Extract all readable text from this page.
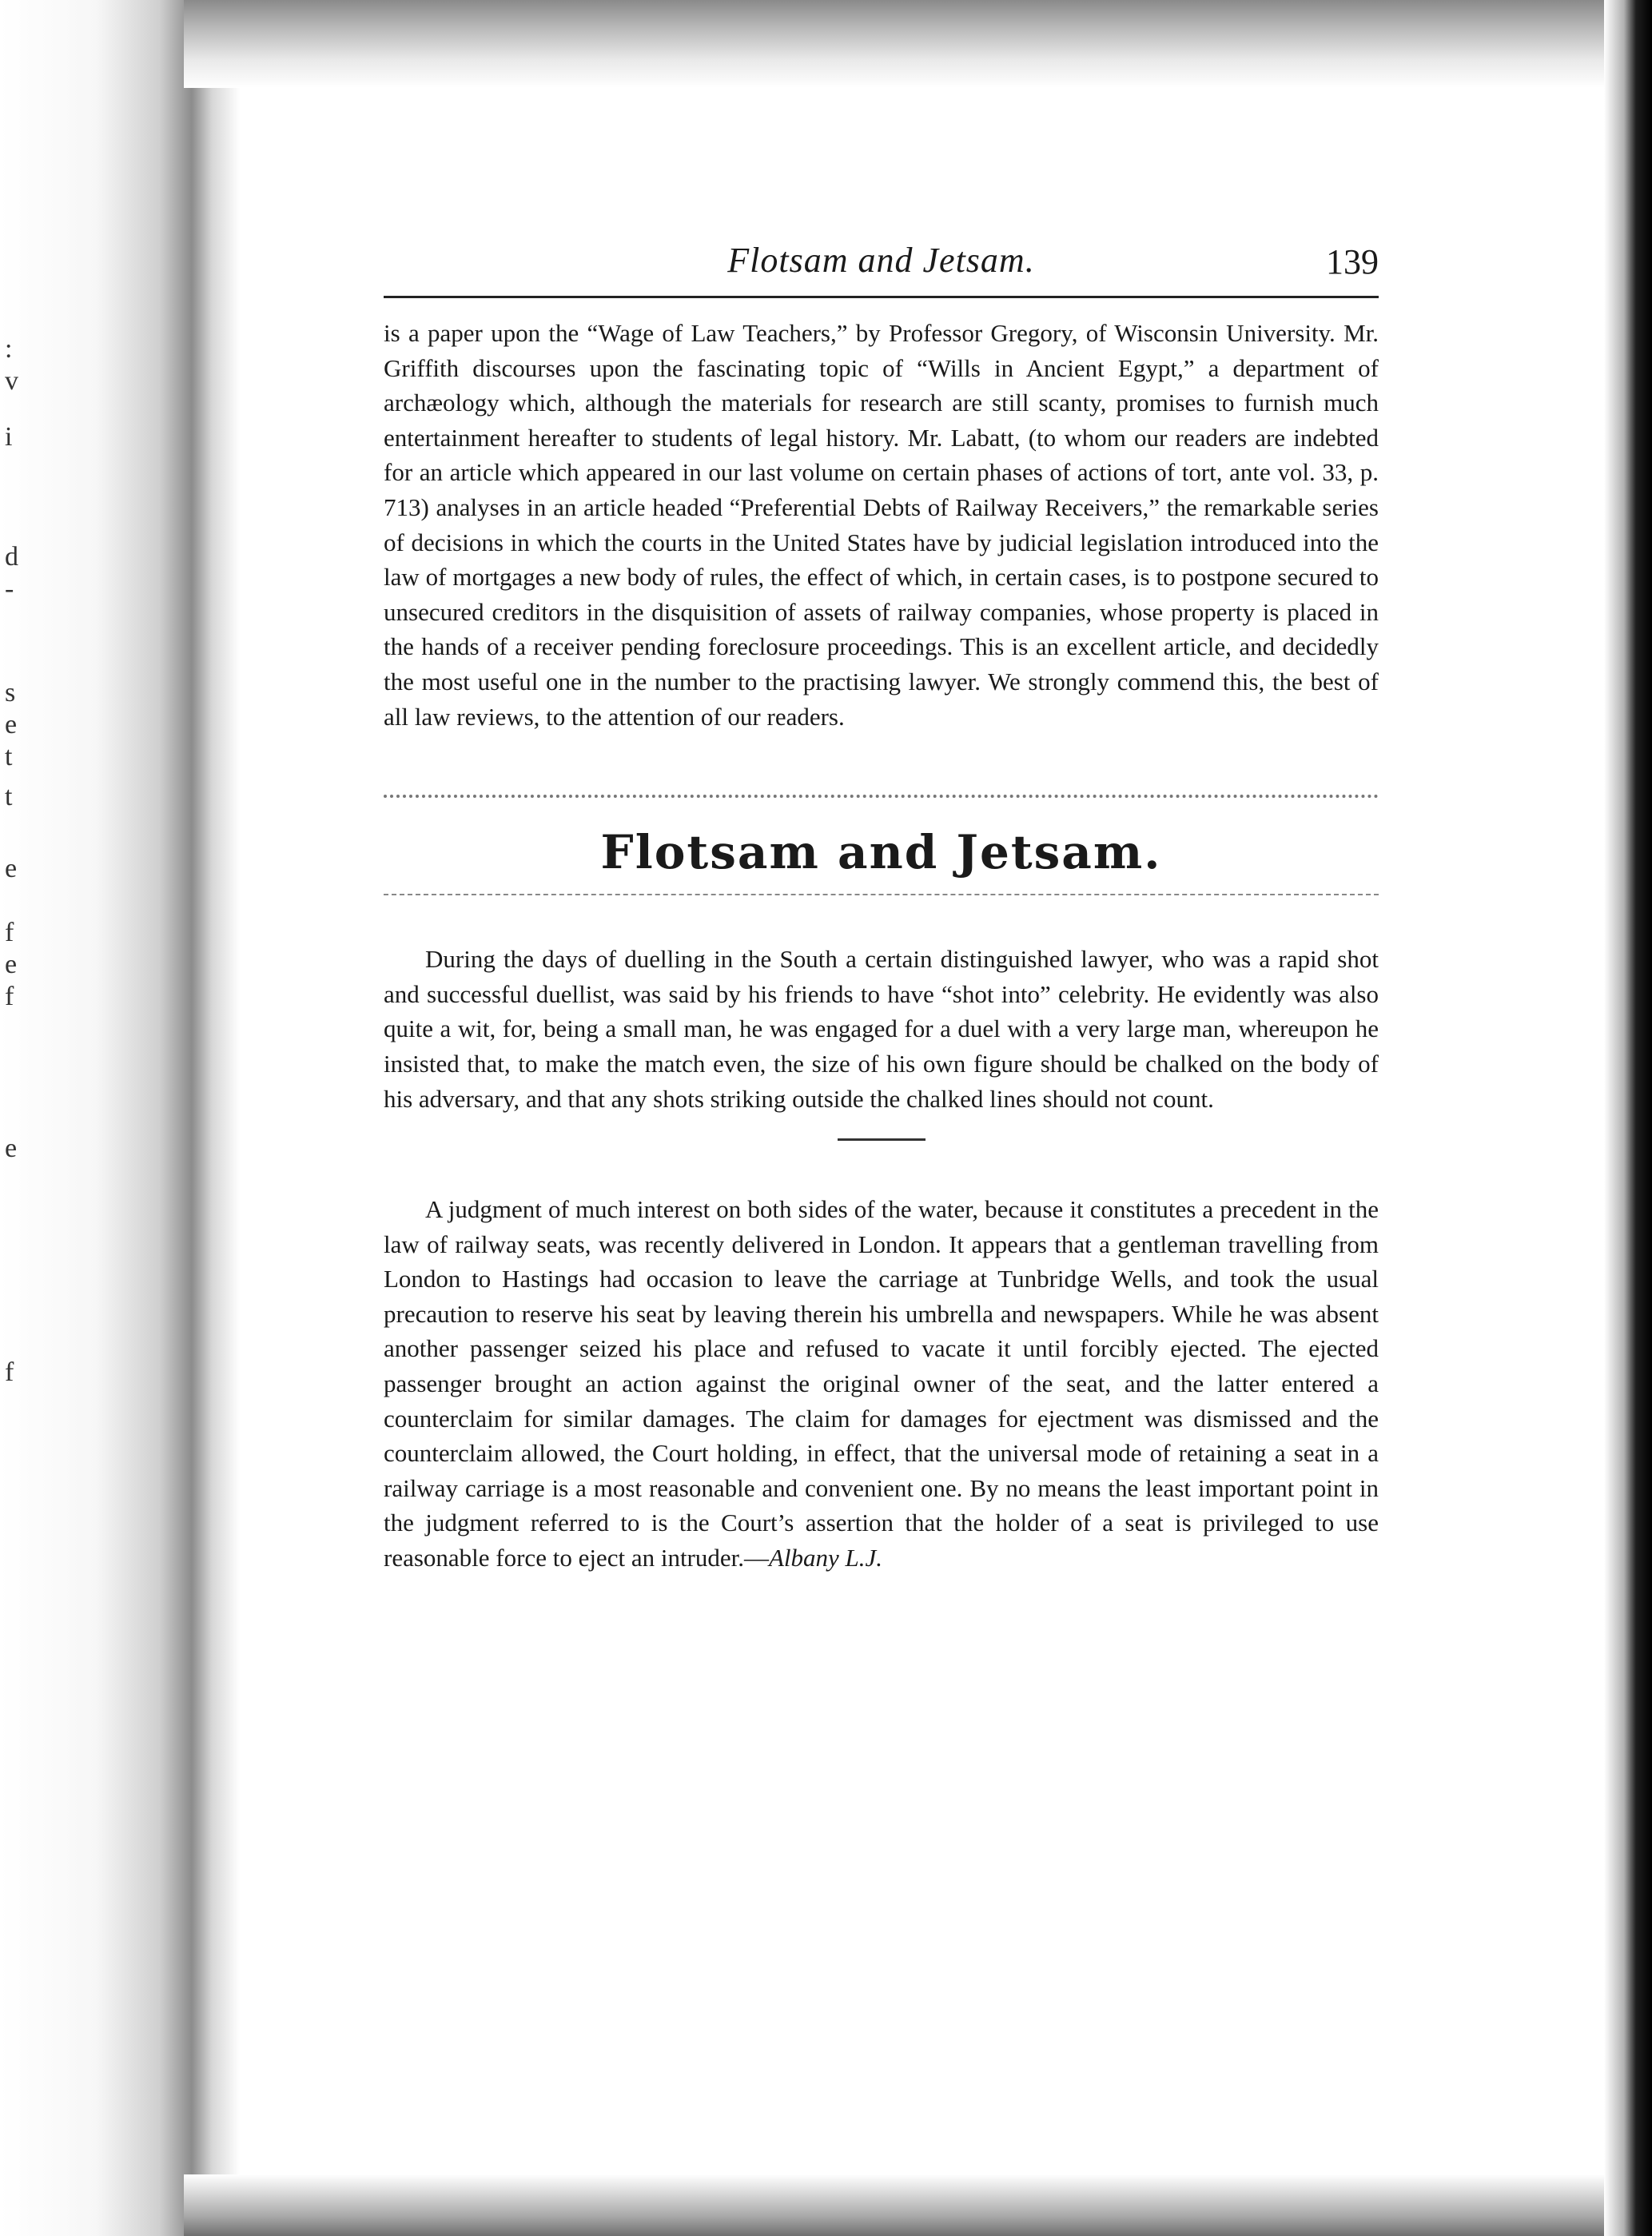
:
v
i
d
-
s
e
t
t
e
f
e
f
e
f
Flotsam and Jetsam.	139

is a paper upon the “Wage of Law Teachers,” by Professor Gregory, of Wisconsin University. Mr. Griffith discourses upon the fascinating topic of “Wills in Ancient Egypt,” a department of archæology which, although the materials for research are still scanty, promises to furnish much entertainment hereafter to students of legal history. Mr. Labatt, (to whom our readers are indebted for an article which appeared in our last volume on certain phases of actions of tort, ante vol. 33, p. 713) analyses in an article headed “Preferential Debts of Railway Receivers,” the remarkable series of decisions in which the courts in the United States have by judicial legislation introduced into the law of mortgages a new body of rules, the effect of which, in certain cases, is to postpone secured to unsecured creditors in the disquisition of assets of railway companies, whose property is placed in the hands of a receiver pending foreclosure proceedings. This is an excellent article, and decidedly the most useful one in the number to the practising lawyer. We strongly commend this, the best of all law reviews, to the attention of our readers.

Flotsam and Jetsam.

During the days of duelling in the South a certain distinguished lawyer, who was a rapid shot and successful duellist, was said by his friends to have “shot into” celebrity. He evidently was also quite a wit, for, being a small man, he was engaged for a duel with a very large man, whereupon he insisted that, to make the match even, the size of his own figure should be chalked on the body of his adversary, and that any shots striking outside the chalked lines should not count.

A judgment of much interest on both sides of the water, because it constitutes a precedent in the law of railway seats, was recently delivered in London. It appears that a gentleman travelling from London to Hastings had occasion to leave the carriage at Tunbridge Wells, and took the usual precaution to reserve his seat by leaving therein his umbrella and newspapers. While he was absent another passenger seized his place and refused to vacate it until forcibly ejected. The ejected passenger brought an action against the original owner of the seat, and the latter entered a counterclaim for similar damages. The claim for damages for ejectment was dismissed and the counterclaim allowed, the Court holding, in effect, that the universal mode of retaining a seat in a railway carriage is a most reasonable and convenient one. By no means the least important point in the judgment referred to is the Court’s assertion that the holder of a seat is privileged to use reasonable force to eject an intruder.—Albany L.J.
